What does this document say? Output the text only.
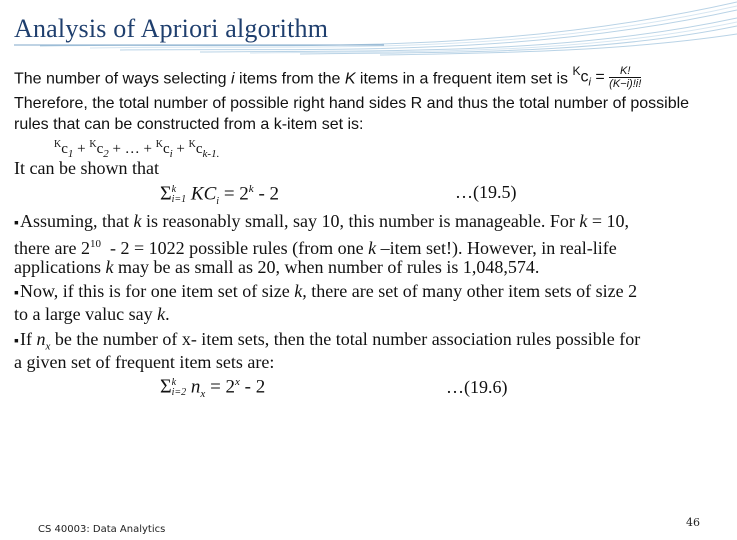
Analysis of Apriori algorithm
The number of ways selecting i items from the K items in a frequent item set is $^Kc_i = \frac{K!}{(K-i)!i!}$
Therefore, the total number of possible right hand sides R and thus the total number of possible
rules that can be constructed from a k-item set is:
$^Kc_1 + ^Kc_2$ + … + $^Kc_i + ^Kc_{k-1.}$
It can be shown that
Σ k
i=1 $KC_i = 2^k - 2$	…(19.5)
▪Assuming, that k is reasonably small, say 10, this number is manageable. For k = 10,
there are $2^{10} - 2 = 1022$ possible rules (from one k –item set!). However, in real-life
applications k may be as small as 20, when number of rules is 1,048,574.
▪Now, if this is for one item set of size k, there are set of many other item sets of size 2
to a large valuc say k.
▪If $n_x$ be the number of x- item sets, then the total number association rules possible for
a given set of frequent item sets are:
Σ k
i=2 $n_x = 2^x - 2$	…(19.6)
CS 40003: Data Analytics
46
